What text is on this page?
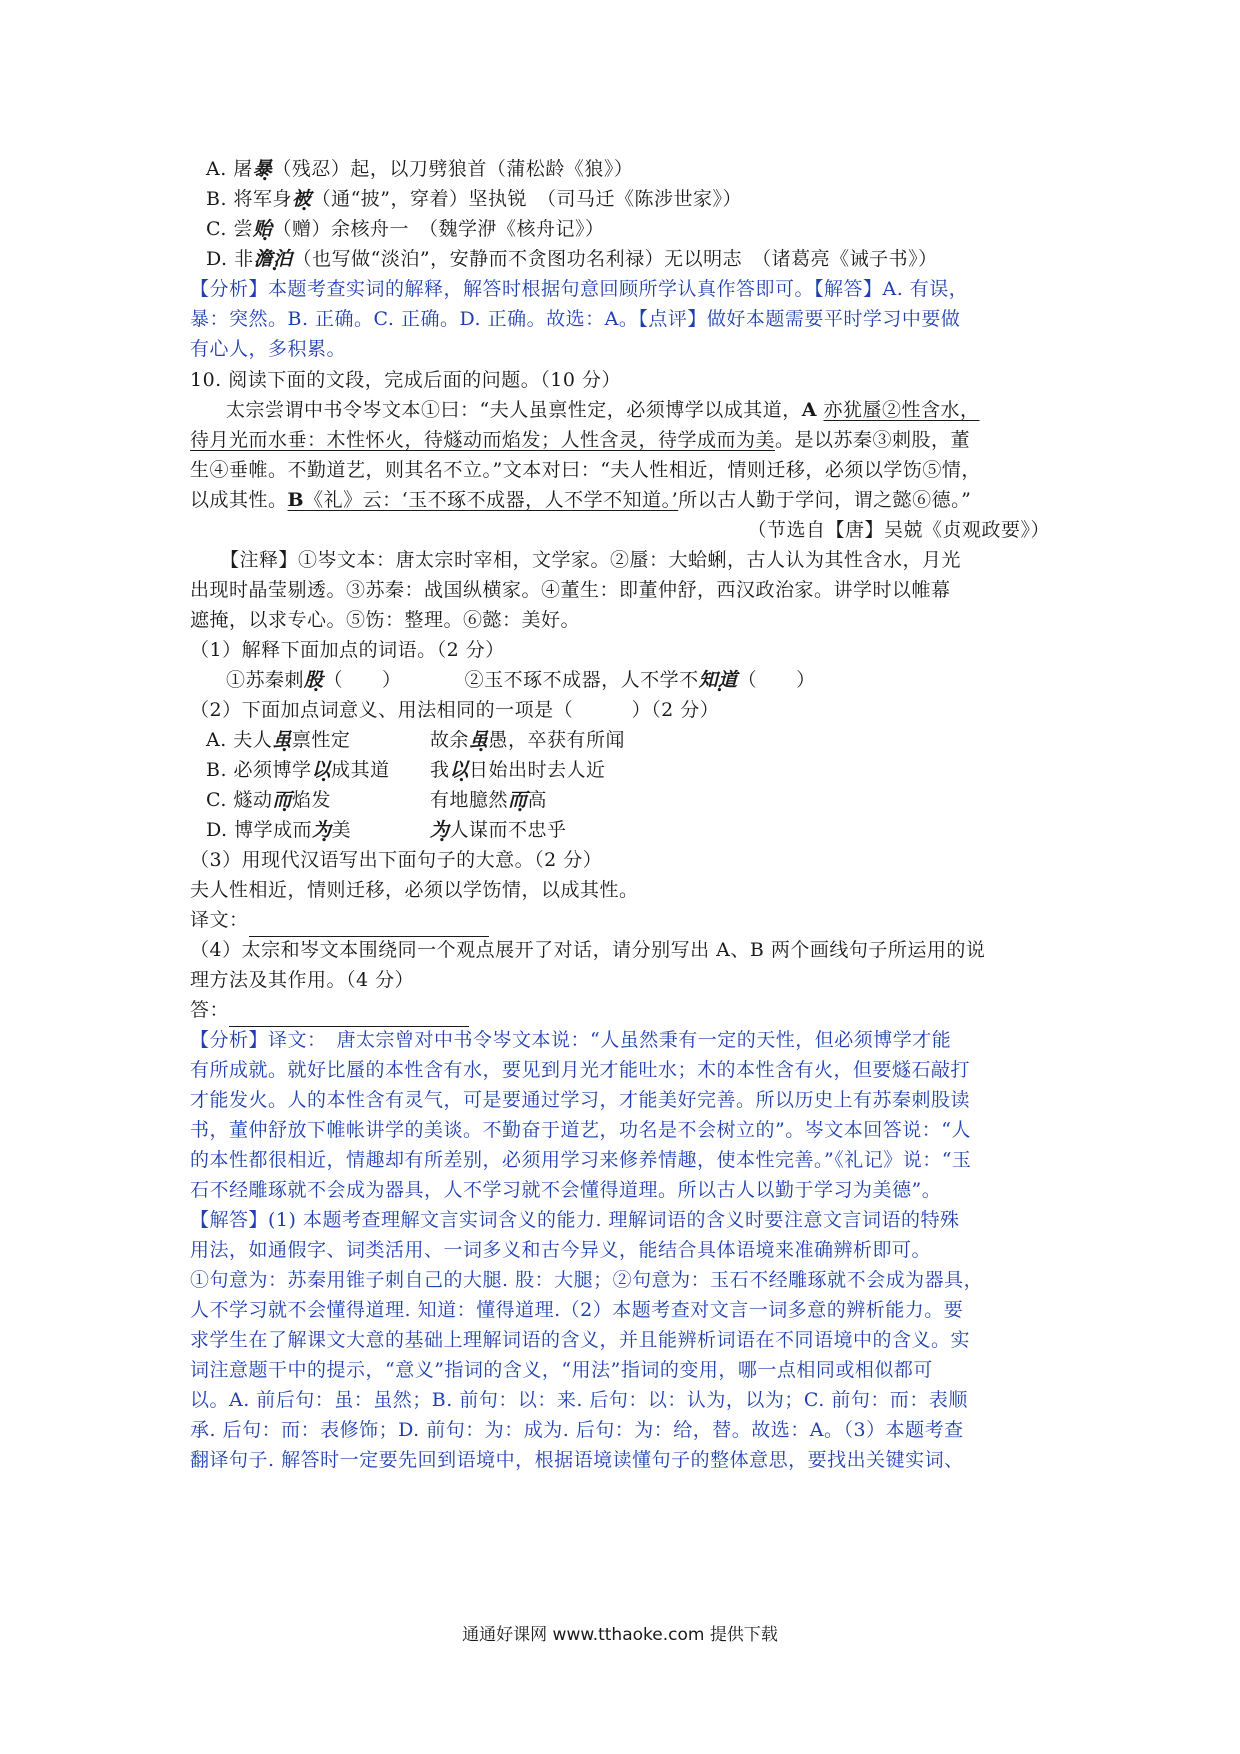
A. 屠暴（残忍）起，以刀劈狼首（蒲松龄《狼》）
B. 将军身被（通“披”，穿着）坚执锐　（司马迁《陈涉世家》）
C. 尝贻（赠）余核舟一　（魏学洢《核舟记》）
D. 非澹泊（也写做“淡泊”，安静而不贪图功名利禄）无以明志　（诸葛亮《诫子书》）
【分析】本题考查实词的解释，解答时根据句意回顾所学认真作答即可。【解答】A. 有误，
暴：突然。B. 正确。C. 正确。D. 正确。故选：A。【点评】做好本题需要平时学习中要做
有心人，多积累。
10. 阅读下面的文段，完成后面的问题。（10 分）
太宗尝谓中书令岑文本①曰：“夫人虽禀性定，必须博学以成其道，A 亦犹蜃②性含水，
待月光而水垂：木性怀火，待燧动而焰发；人性含灵，待学成而为美。是以苏秦③刺股，董
生④垂帷。不勤道艺，则其名不立。”文本对曰：“夫人性相近，情则迁移，必须以学饬⑤情，
以成其性。B《礼》云：‘玉不琢不成器，人不学不知道。’所以古人勤于学问，谓之懿⑥德。”
（节选自【唐】吴兢《贞观政要》）
【注释】①岑文本：唐太宗时宰相，文学家。②蜃：大蛤蜊，古人认为其性含水，月光
出现时晶莹剔透。③苏秦：战国纵横家。④董生：即董仲舒，西汉政治家。讲学时以帷幕
遮掩，以求专心。⑤饬：整理。⑥懿：美好。
（1）解释下面加点的词语。（2 分）
①苏秦刺股（　　）	②玉不琢不成器，人不学不知道（　　）
（2）下面加点词意义、用法相同的一项是（　　　）（2 分）
A. 夫人虽禀性定	故余虽愚，卒获有所闻
B. 必须博学以成其道 我以日始出时去人近
C. 燧动而焰发	有地臆然而高
D. 博学成而为美	为人谋而不忠乎
（3）用现代汉语写出下面句子的大意。（2 分）
夫人性相近，情则迁移，必须以学饬情，以成其性。
译文：
（4）太宗和岑文本围绕同一个观点展开了对话，请分别写出 A、B 两个画线句子所运用的说
理方法及其作用。（4 分）
答：
【分析】译文：　唐太宗曾对中书令岑文本说：“人虽然秉有一定的天性，但必须博学才能
有所成就。就好比蜃的本性含有水，要见到月光才能吐水；木的本性含有火，但要燧石敲打
才能发火。人的本性含有灵气，可是要通过学习，才能美好完善。所以历史上有苏秦刺股读
书，董仲舒放下帷帐讲学的美谈。不勤奋于道艺，功名是不会树立的”。岑文本回答说：“人
的本性都很相近，情趣却有所差别，必须用学习来修养情趣，使本性完善。”《礼记》说：“玉
石不经雕琢就不会成为器具，人不学习就不会懂得道理。所以古人以勤于学习为美德”。
【解答】(1) 本题考查理解文言实词含义的能力. 理解词语的含义时要注意文言词语的特殊
用法，如通假字、词类活用、一词多义和古今异义，能结合具体语境来准确辨析即可。
①句意为：苏秦用锥子刺自己的大腿. 股：大腿；②句意为：玉石不经雕琢就不会成为器具，
人不学习就不会懂得道理. 知道：懂得道理.（2）本题考查对文言一词多意的辨析能力。要
求学生在了解课文大意的基础上理解词语的含义，并且能辨析词语在不同语境中的含义。实
词注意题干中的提示，“意义”指词的含义，“用法”指词的变用，哪一点相同或相似都可
以。A. 前后句：虽：虽然；B. 前句：以：来. 后句：以：认为，以为；C. 前句：而：表顺
承. 后句：而：表修饰；D. 前句：为：成为. 后句：为：给，替。故选：A。（3）本题考查
翻译句子. 解答时一定要先回到语境中，根据语境读懂句子的整体意思，要找出关键实词、
通通好课网 www.tthaoke.com 提供下载
